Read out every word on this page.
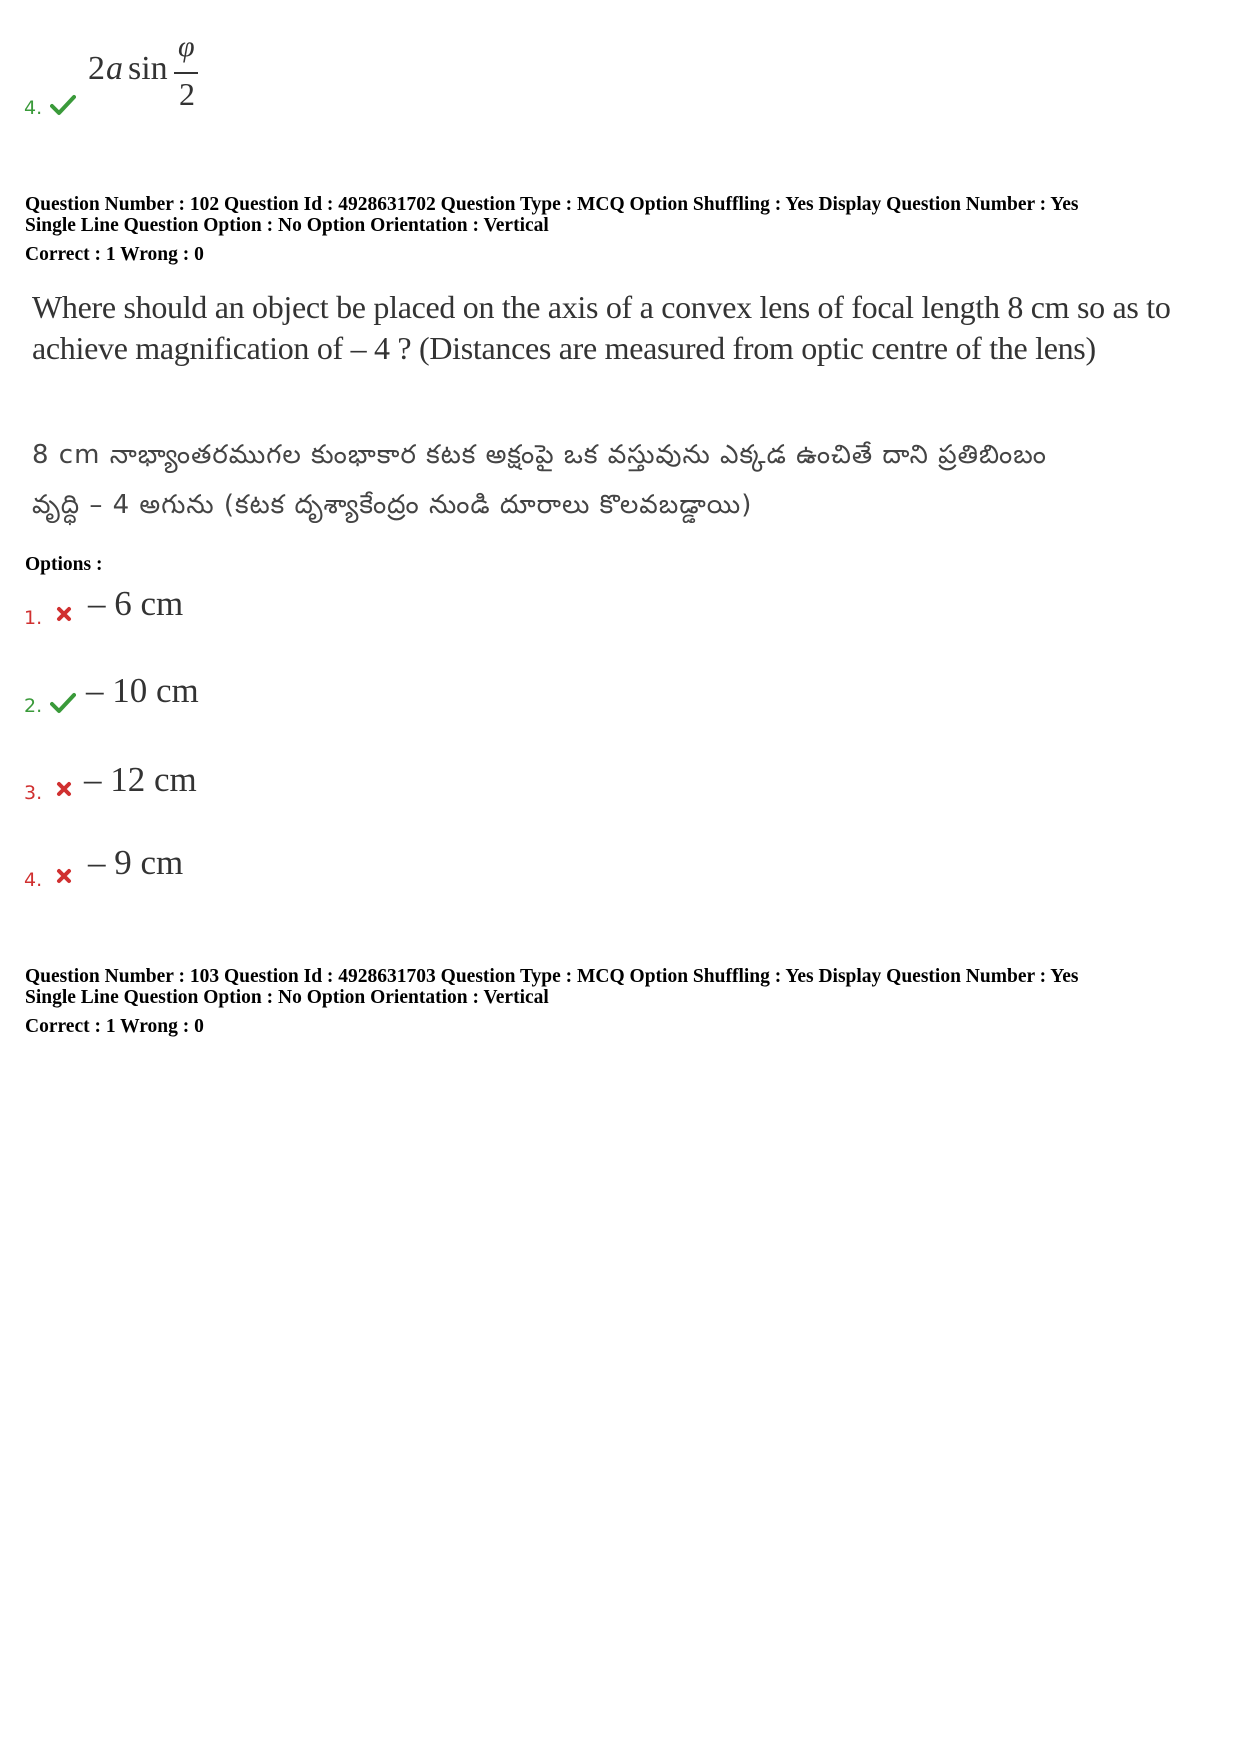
4.
2 a sin
φ
2
Question Number : 102 Question Id : 4928631702 Question Type : MCQ Option Shuffling : Yes Display Question Number : Yes
Single Line Question Option : No Option Orientation : Vertical
Correct : 1 Wrong : 0
Where should an object be placed on the axis of a convex lens of focal length 8 cm so as to
achieve magnification of – 4 ? (Distances are measured from optic centre of the lens)
8 cm నాభ్యాంతరముగల కుంభాకార కటక అక్షంపై ఒక వస్తువును ఎక్కడ ఉంచితే దాని ప్రతిబింబం
వృద్ధి – 4 అగును (కటక దృశ్యాకేంద్రం నుండి దూరాలు కొలవబడ్డాయి)
Options :
1. – 6 cm
2. – 10 cm
3. – 12 cm
4. – 9 cm
Question Number : 103 Question Id : 4928631703 Question Type : MCQ Option Shuffling : Yes Display Question Number : Yes
Single Line Question Option : No Option Orientation : Vertical
Correct : 1 Wrong : 0
